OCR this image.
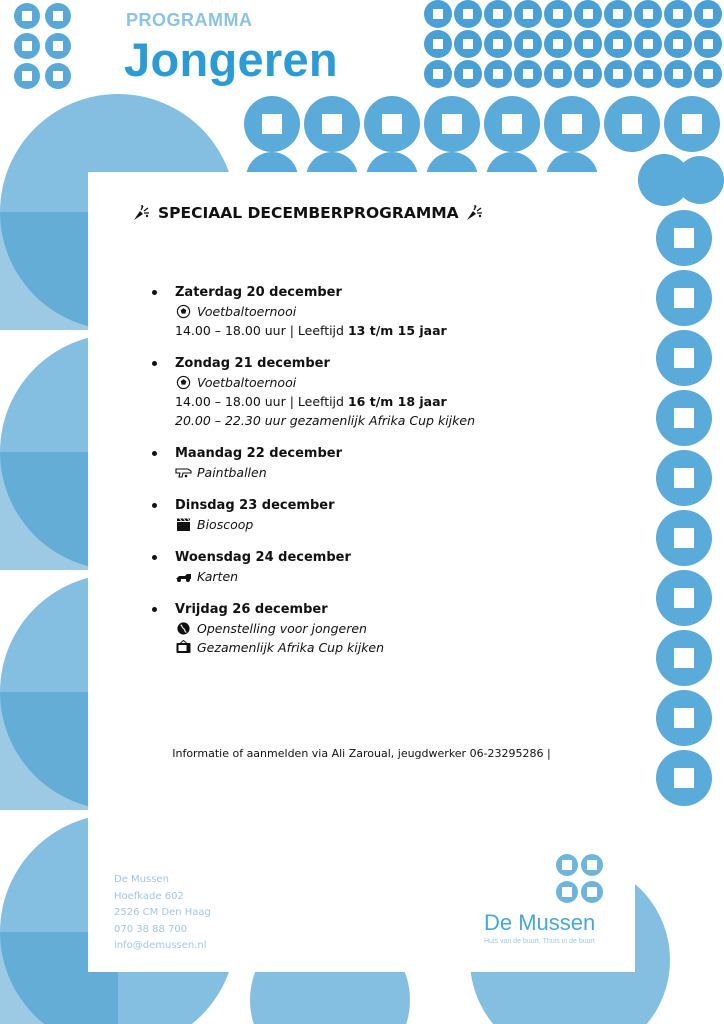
PROGRAMMA
Jongeren
SPECIAAL DECEMBERPROGRAMMA
Zaterdag 20 december
Voetbaltoernooi
14.00 – 18.00 uur | Leeftijd
13 t/m 15 jaar
Zondag 21 december
Voetbaltoernooi
14.00 – 18.00 uur | Leeftijd
16 t/m 18 jaar
20.00 – 22.30 uur gezamenlijk Afrika Cup kijken
Maandag 22 december
Paintballen
Dinsdag 23 december
Bioscoop
Woensdag 24 december
Karten
Vrijdag 26 december
Openstelling voor jongeren
Gezamenlijk Afrika Cup kijken
Informatie of aanmelden via Ali Zaroual, jeugdwerker 06-23295286 |
De Mussen
Hoefkade 602
2526 CM Den Haag
070 38 88 700
info@demussen.nl
De Mussen
Huis van de buurt, Thuis in de buurt
